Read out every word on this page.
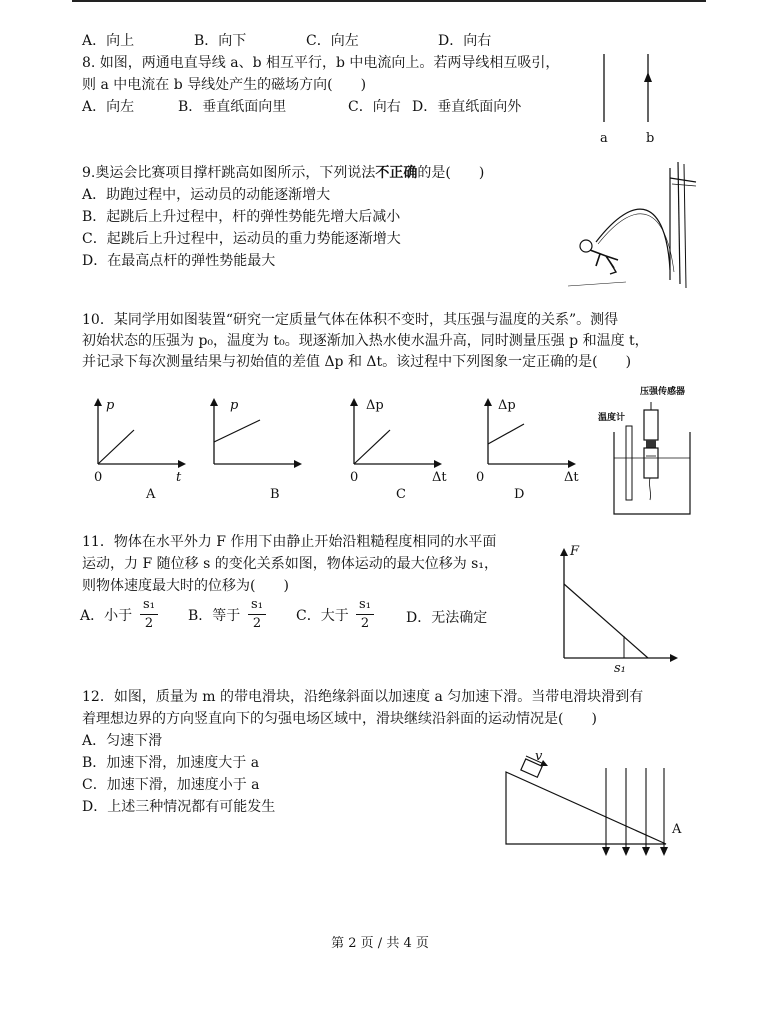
A．向上	B．向下	C．向左	D．向右
8. 如图，两通电直导线 a、b 相互平行，b 中电流向上。若两导线相互吸引，
则 a 中电流在 b 导线处产生的磁场方向(　　)
A．向左	B．垂直纸面向里	C．向右 D．垂直纸面向外
a	b
9.奥运会比赛项目撑杆跳高如图所示，下列说法不正确的是(　　)
A．助跑过程中，运动员的动能逐渐增大
B．起跳后上升过程中，杆的弹性势能先增大后减小
C．起跳后上升过程中，运动员的重力势能逐渐增大
D．在最高点杆的弹性势能最大
10．某同学用如图装置“研究一定质量气体在体积不变时，其压强与温度的关系”。测得
初始状态的压强为 p₀，温度为 t₀。现逐渐加入热水使水温升高，同时测量压强 p 和温度 t，
并记录下每次测量结果与初始值的差值 Δp 和 Δt。该过程中下列图象一定正确的是(　　)
p
t
0
A
p
B
Δp
Δt
0
C
Δp
Δt
0
D
压强传感器
温度计
11．物体在水平外力 F 作用下由静止开始沿粗糙程度相同的水平面
运动，力 F 随位移 s 的变化关系如图，物体运动的最大位移为 s₁，
则物体速度最大时的位移为(　　)
A．小于 $\frac{\text{s₁}}{2}$ B．等于 $\frac{\text{s₁}}{2}$ C．大于 $\frac{\text{s₁}}{2}$ D．无法确定
F
s₁
12．如图，质量为 m 的带电滑块，沿绝缘斜面以加速度 a 匀加速下滑。当带电滑块滑到有
着理想边界的方向竖直向下的匀强电场区域中，滑块继续沿斜面的运动情况是(　　)
A．匀速下滑
B．加速下滑，加速度大于 a
C．加速下滑，加速度小于 a
D．上述三种情况都有可能发生
v
A
第 2 页 / 共 4 页
